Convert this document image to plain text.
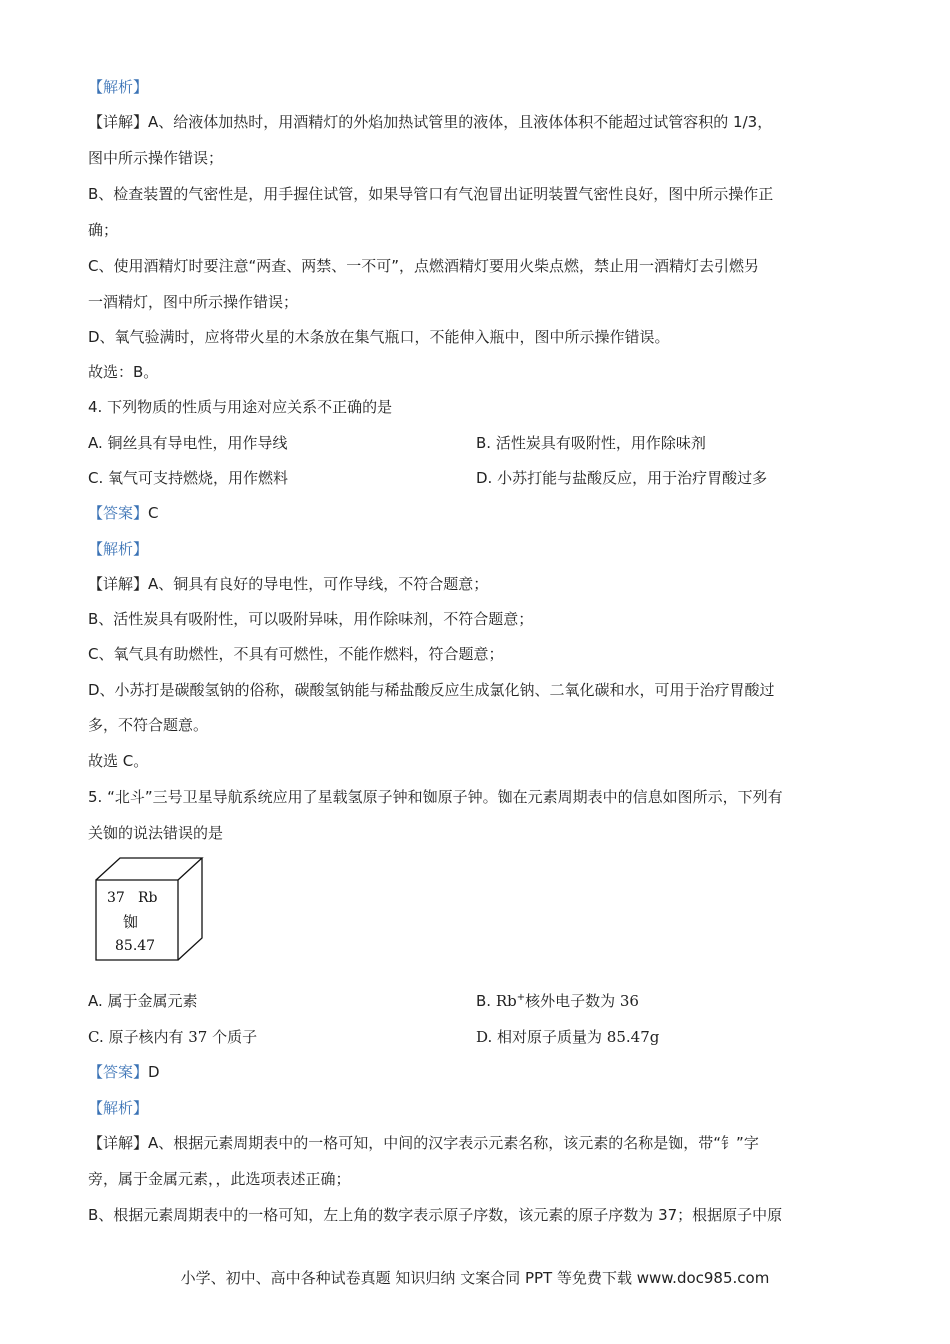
【解析】
【详解】A、给液体加热时，用酒精灯的外焰加热试管里的液体，且液体体积不能超过试管容积的 1/3，
图中所示操作错误；
B、检查装置的气密性是，用手握住试管，如果导管口有气泡冒出证明装置气密性良好，图中所示操作正
确；
C、使用酒精灯时要注意“两查、两禁、一不可”，点燃酒精灯要用火柴点燃，禁止用一酒精灯去引燃另
一酒精灯，图中所示操作错误；
D、氧气验满时，应将带火星的木条放在集气瓶口，不能伸入瓶中，图中所示操作错误。
故选：B。
4. 下列物质的性质与用途对应关系不正确的是
A. 铜丝具有导电性，用作导线	B. 活性炭具有吸附性，用作除味剂
C. 氧气可支持燃烧，用作燃料	D. 小苏打能与盐酸反应，用于治疗胃酸过多
【答案】C
【解析】
【详解】A、铜具有良好的导电性，可作导线，不符合题意；
B、活性炭具有吸附性，可以吸附异味，用作除味剂，不符合题意；
C、氧气具有助燃性，不具有可燃性，不能作燃料，符合题意；
D、小苏打是碳酸氢钠的俗称，碳酸氢钠能与稀盐酸反应生成氯化钠、二氧化碳和水，可用于治疗胃酸过
多，不符合题意。
故选 C。
5. “北斗”三号卫星导航系统应用了星载氢原子钟和铷原子钟。铷在元素周期表中的信息如图所示，下列有
关铷的说法错误的是
37 Rb
铷
85.47
A. 属于金属元素	B. Rb+核外电子数为 36
C. 原子核内有 37 个质子	D. 相对原子质量为 85.47g
【答案】D
【解析】
【详解】A、根据元素周期表中的一格可知，中间的汉字表示元素名称，该元素的名称是铷，带“钅”字
旁，属于金属元素，，此选项表述正确；
B、根据元素周期表中的一格可知，左上角的数字表示原子序数，该元素的原子序数为 37；根据原子中原
小学、初中、高中各种试卷真题 知识归纳 文案合同 PPT 等免费下载 www.doc985.com
